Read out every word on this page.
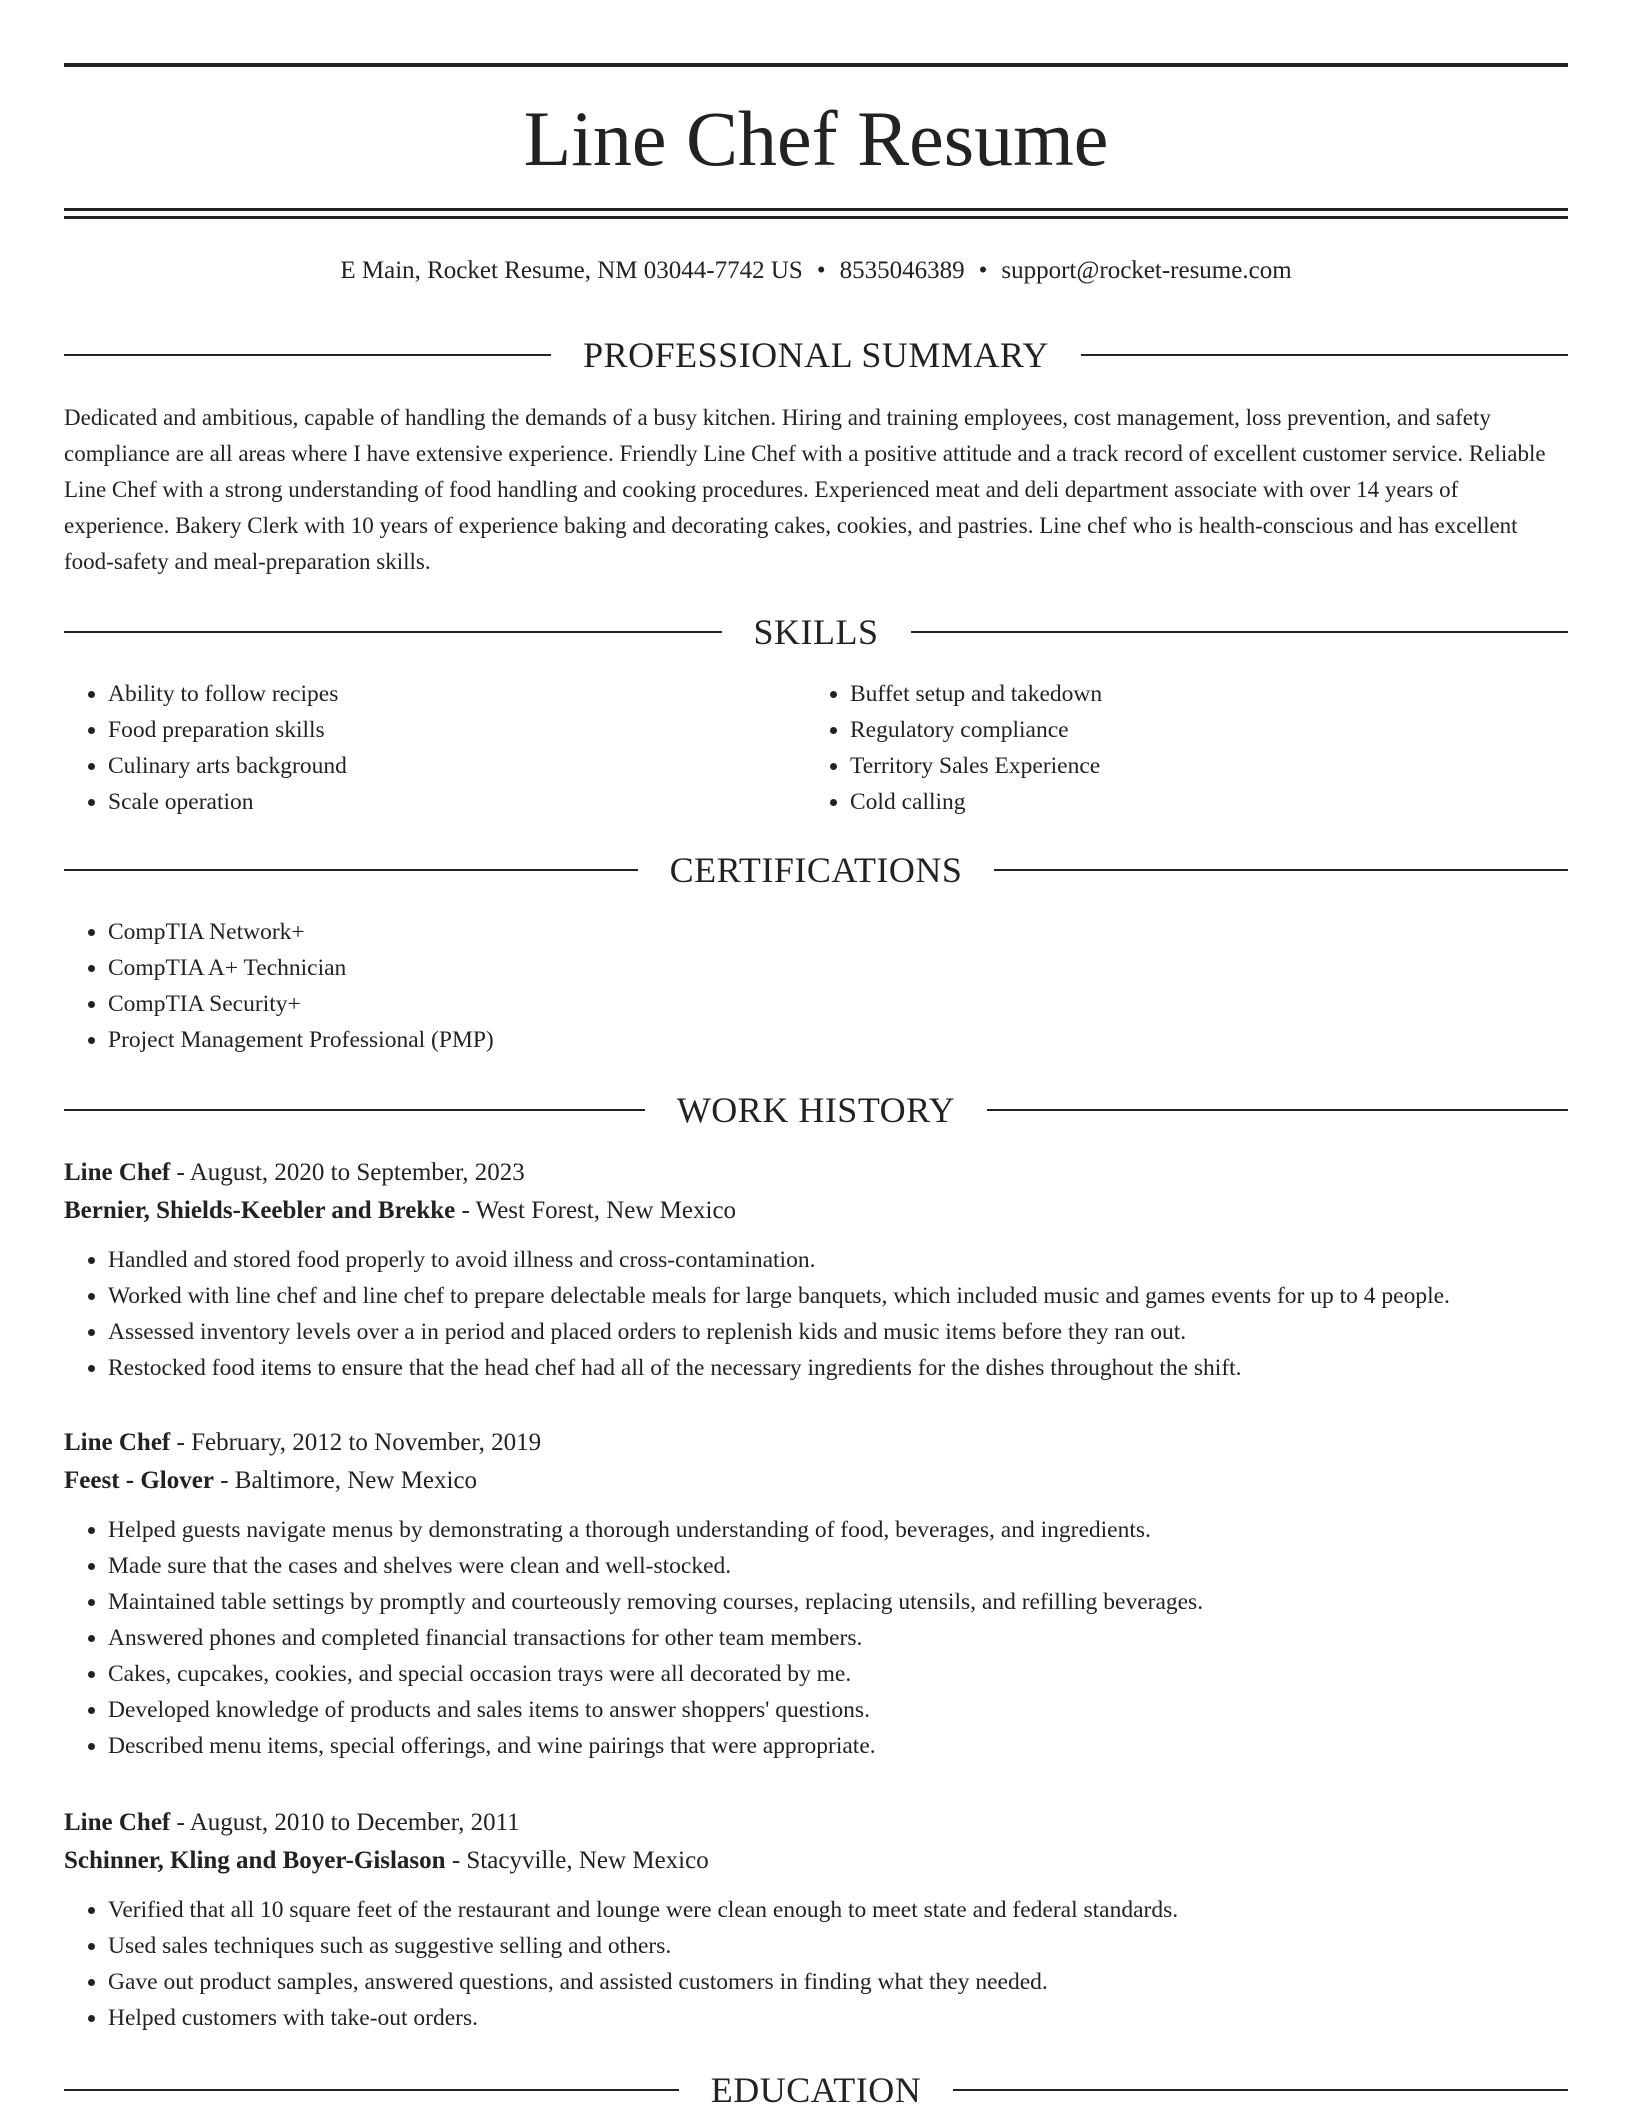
Line Chef Resume
E Main, Rocket Resume, NM 03044-7742 US • 8535046389 • support@rocket-resume.com
PROFESSIONAL SUMMARY
Dedicated and ambitious, capable of handling the demands of a busy kitchen. Hiring and training employees, cost management, loss prevention, and safety compliance are all areas where I have extensive experience. Friendly Line Chef with a positive attitude and a track record of excellent customer service. Reliable Line Chef with a strong understanding of food handling and cooking procedures. Experienced meat and deli department associate with over 14 years of experience. Bakery Clerk with 10 years of experience baking and decorating cakes, cookies, and pastries. Line chef who is health-conscious and has excellent food-safety and meal-preparation skills.
SKILLS
• Ability to follow recipes
• Food preparation skills
• Culinary arts background
• Scale operation
• Buffet setup and takedown
• Regulatory compliance
• Territory Sales Experience
• Cold calling
CERTIFICATIONS
• CompTIA Network+
• CompTIA A+ Technician
• CompTIA Security+
• Project Management Professional (PMP)
WORK HISTORY
Line Chef - August, 2020 to September, 2023
Bernier, Shields-Keebler and Brekke - West Forest, New Mexico
• Handled and stored food properly to avoid illness and cross-contamination.
• Worked with line chef and line chef to prepare delectable meals for large banquets, which included music and games events for up to 4 people.
• Assessed inventory levels over a in period and placed orders to replenish kids and music items before they ran out.
• Restocked food items to ensure that the head chef had all of the necessary ingredients for the dishes throughout the shift.
Line Chef - February, 2012 to November, 2019
Feest - Glover - Baltimore, New Mexico
• Helped guests navigate menus by demonstrating a thorough understanding of food, beverages, and ingredients.
• Made sure that the cases and shelves were clean and well-stocked.
• Maintained table settings by promptly and courteously removing courses, replacing utensils, and refilling beverages.
• Answered phones and completed financial transactions for other team members.
• Cakes, cupcakes, cookies, and special occasion trays were all decorated by me.
• Developed knowledge of products and sales items to answer shoppers' questions.
• Described menu items, special offerings, and wine pairings that were appropriate.
Line Chef - August, 2010 to December, 2011
Schinner, Kling and Boyer-Gislason - Stacyville, New Mexico
• Verified that all 10 square feet of the restaurant and lounge were clean enough to meet state and federal standards.
• Used sales techniques such as suggestive selling and others.
• Gave out product samples, answered questions, and assisted customers in finding what they needed.
• Helped customers with take-out orders.
EDUCATION
